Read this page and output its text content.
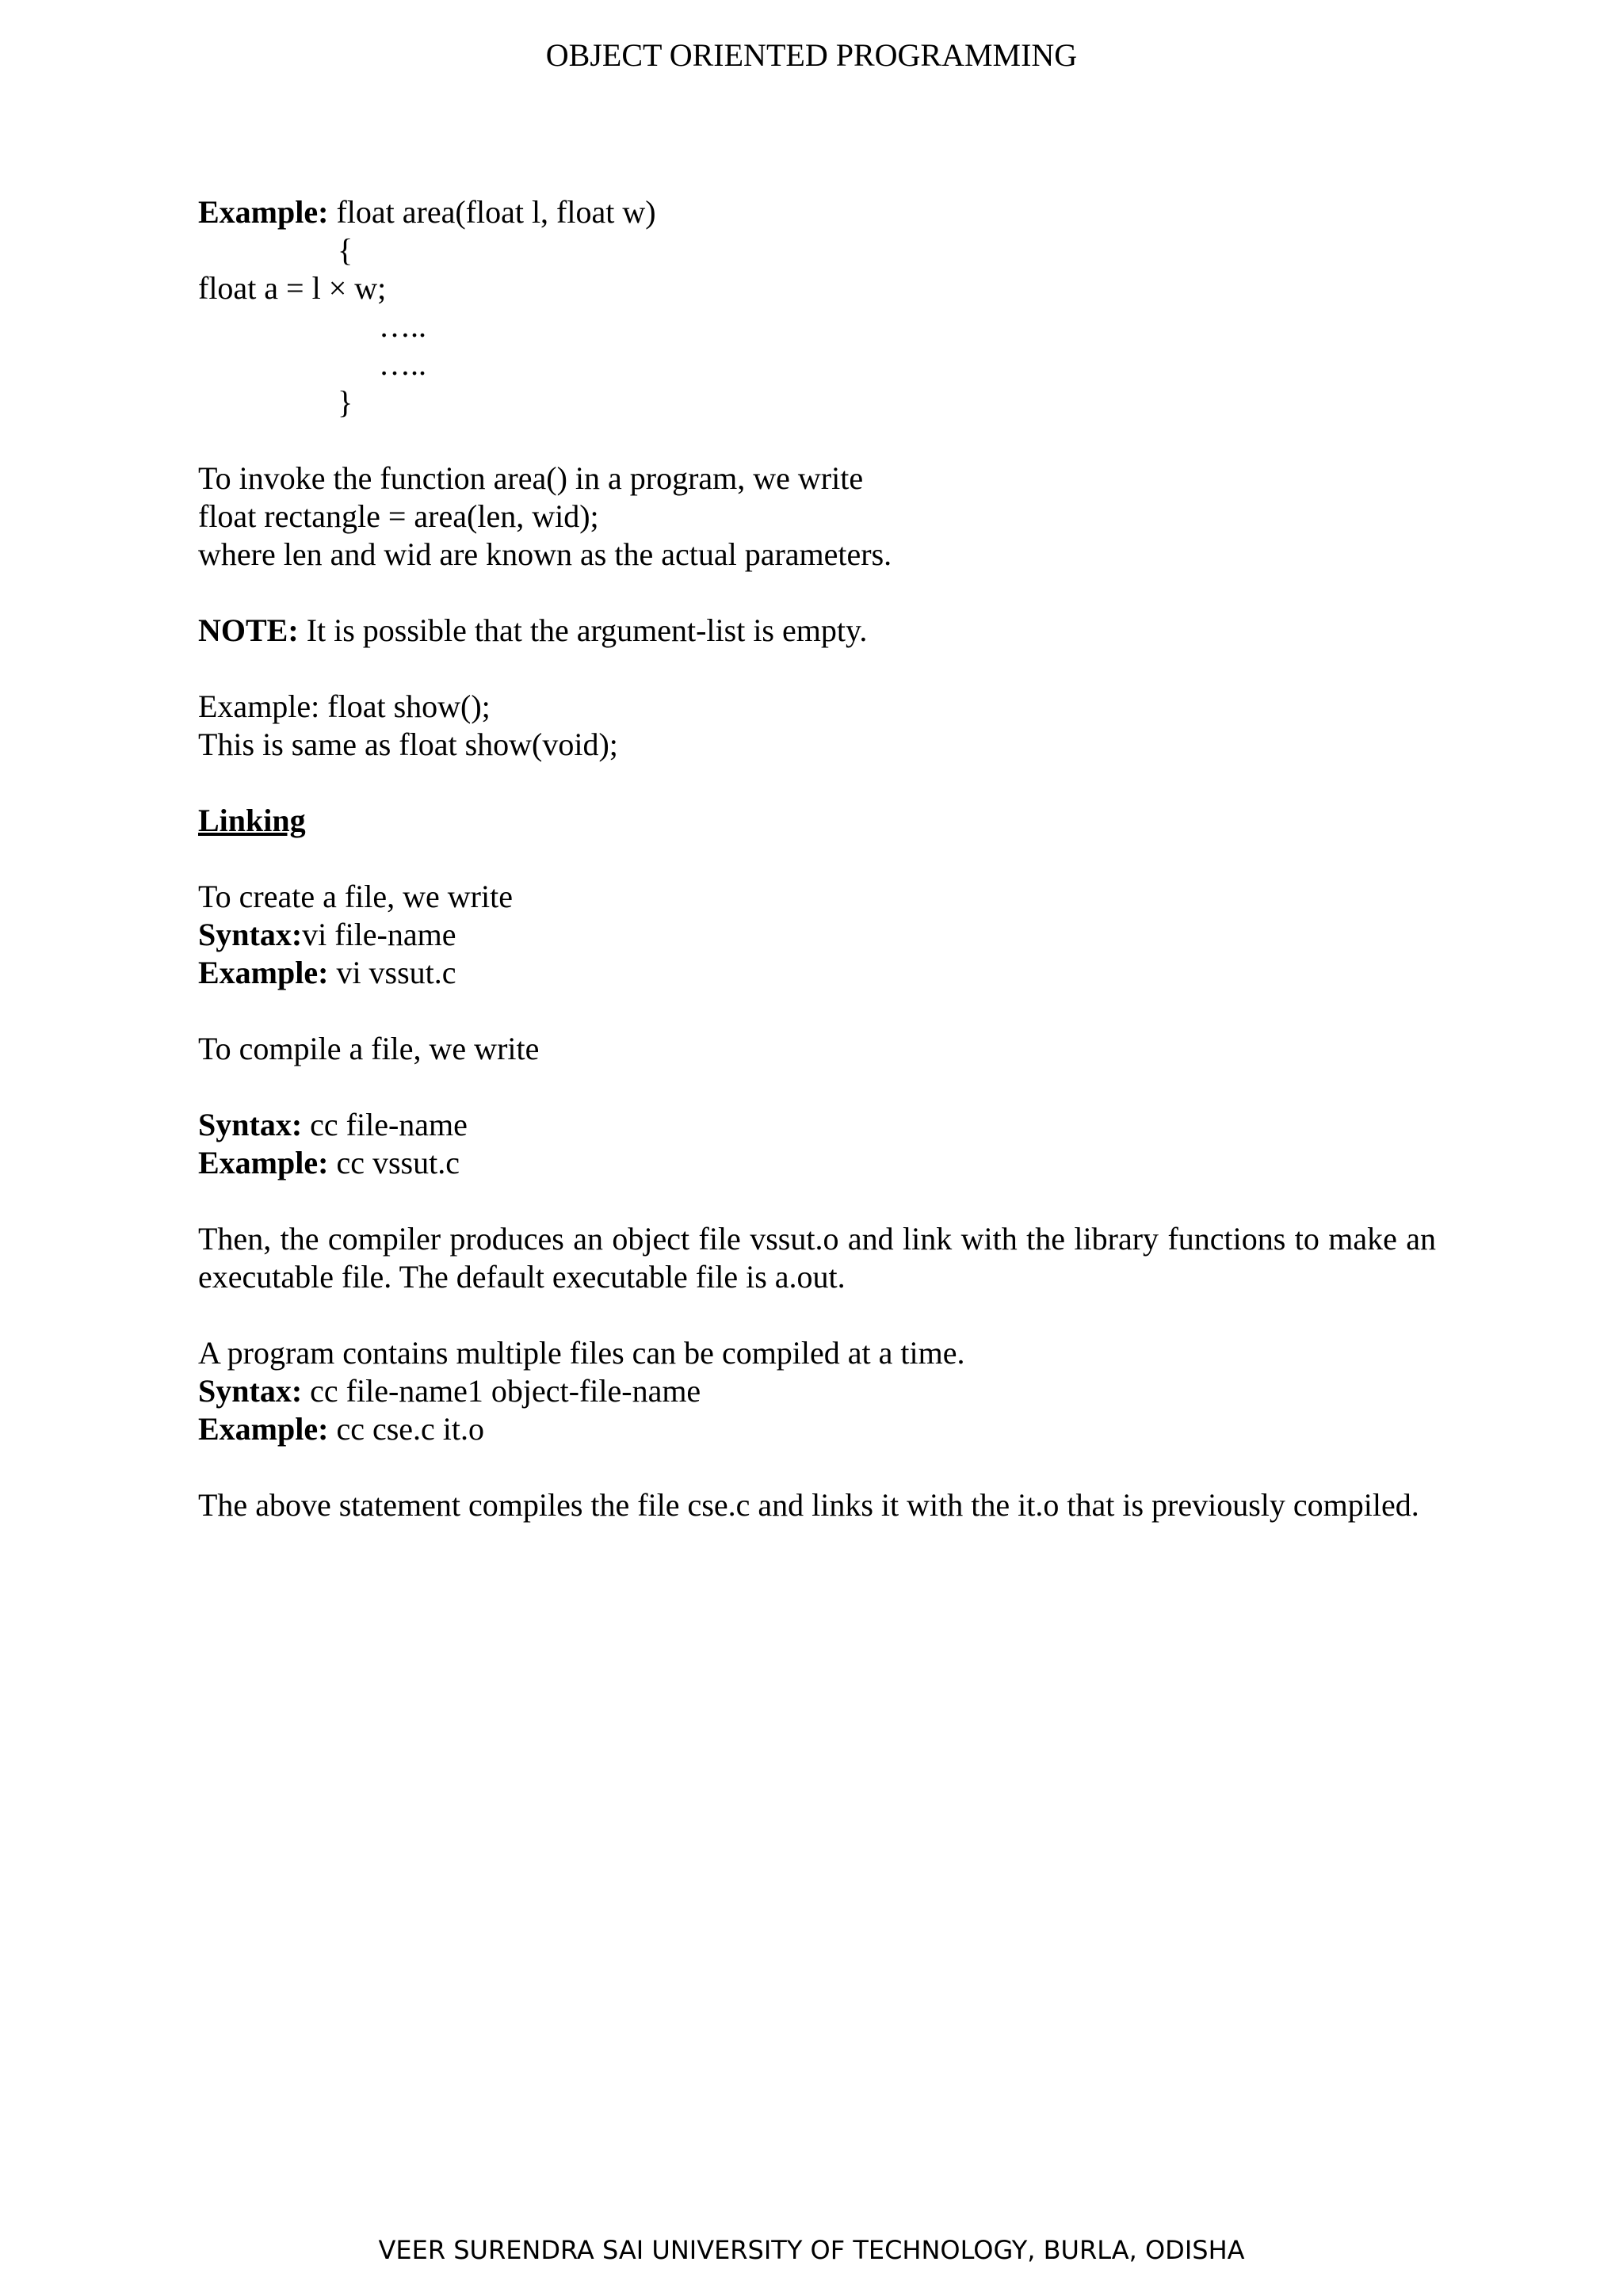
OBJECT ORIENTED PROGRAMMING
Example: float area(float l, float w)
{
float a = l × w;
…..
…..
}
To invoke the function area() in a program, we write
float rectangle = area(len, wid);
where len and wid are known as the actual parameters.
NOTE: It is possible that the argument-list is empty.
Example: float show();
This is same as float show(void);
Linking
To create a file, we write
Syntax:vi file-name
Example: vi vssut.c
To compile a file, we write
Syntax: cc file-name
Example: cc vssut.c
Then, the compiler produces an object file vssut.o and link with the library functions to make an executable file. The default executable file is a.out.
A program contains multiple files can be compiled at a time.
Syntax: cc file-name1 object-file-name
Example: cc cse.c it.o
The above statement compiles the file cse.c and links it with the it.o that is previously compiled.
VEER SURENDRA SAI UNIVERSITY OF TECHNOLOGY, BURLA, ODISHA
